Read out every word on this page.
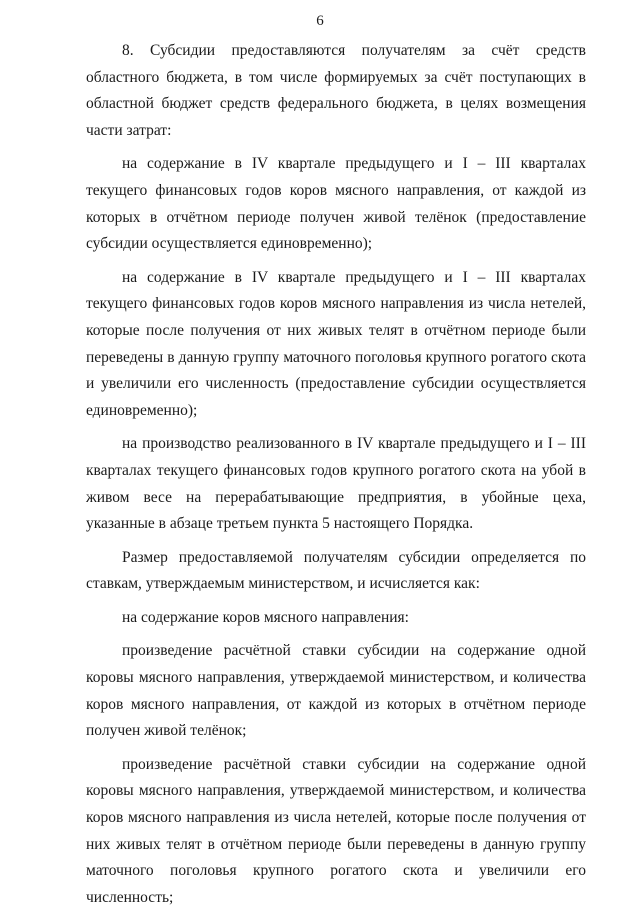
6

8. Субсидии предоставляются получателям за счёт средств областного бюджета, в том числе формируемых за счёт поступающих в областной бюджет средств федерального бюджета, в целях возмещения части затрат:

на содержание в IV квартале предыдущего и I – III кварталах текущего финансовых годов коров мясного направления, от каждой из которых в отчётном периоде получен живой телёнок (предоставление субсидии осуществляется единовременно);

на содержание в IV квартале предыдущего и I – III кварталах текущего финансовых годов коров мясного направления из числа нетелей, которые после получения от них живых телят в отчётном периоде были переведены в данную группу маточного поголовья крупного рогатого скота и увеличили его численность (предоставление субсидии осуществляется единовременно);

на производство реализованного в IV квартале предыдущего и I – III кварталах текущего финансовых годов крупного рогатого скота на убой в живом весе на перерабатывающие предприятия, в убойные цеха, указанные в абзаце третьем пункта 5 настоящего Порядка.

Размер предоставляемой получателям субсидии определяется по ставкам, утверждаемым министерством, и исчисляется как:

на содержание коров мясного направления:

произведение расчётной ставки субсидии на содержание одной коровы мясного направления, утверждаемой министерством, и количества коров мясного направления, от каждой из которых в отчётном периоде получен живой телёнок;

произведение расчётной ставки субсидии на содержание одной коровы мясного направления, утверждаемой министерством, и количества коров мясного направления из числа нетелей, которые после получения от них живых телят в отчётном периоде были переведены в данную группу маточного поголовья крупного рогатого скота и увеличили его численность;
